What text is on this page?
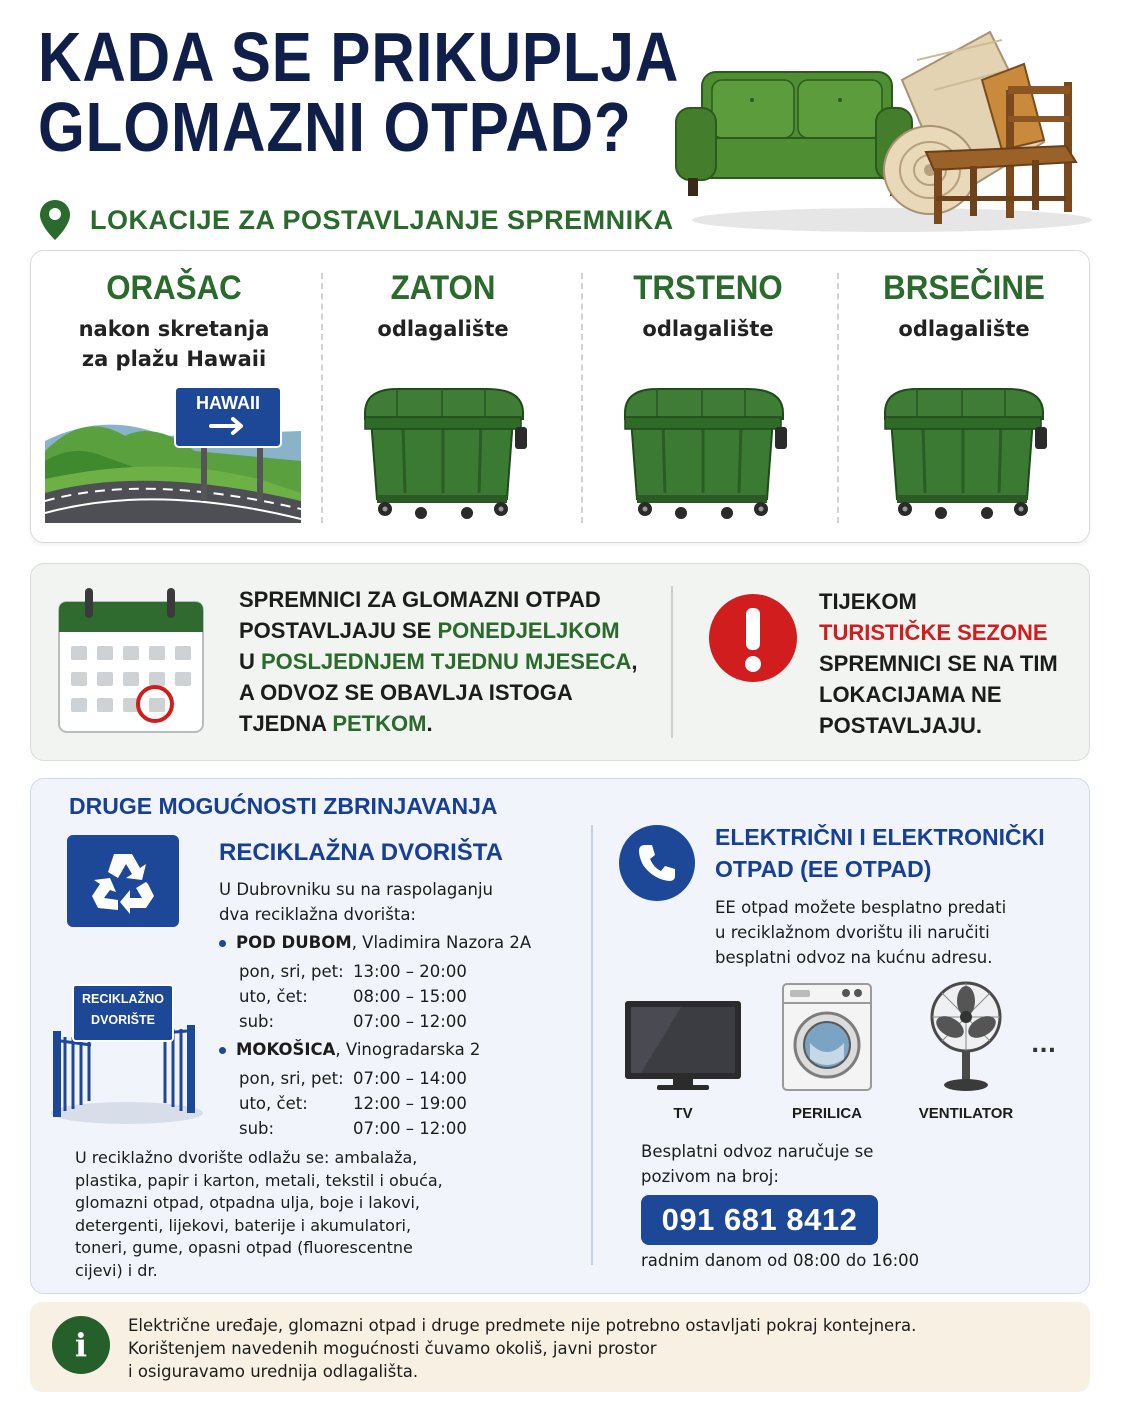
KADA SE PRIKUPLJA
GLOMAZNI OTPAD?
LOKACIJE ZA POSTAVLJANJE SPREMNIKA
ORAŠAC
nakon skretanja
za plažu Hawaii
ZATON
odlagalište
TRSTENO
odlagalište
BRSEČINE
odlagalište
HAWAII
SPREMNICI ZA GLOMAZNI OTPAD
POSTAVLJAJU SE PONEDJELJKOM
U POSLJEDNJEM TJEDNU MJESECA,
A ODVOZ SE OBAVLJA ISTOGA
TJEDNA PETKOM.
TIJEKOM
TURISTIČKE SEZONE
SPREMNICI SE NA TIM
LOKACIJAMA NE
POSTAVLJAJU.
DRUGE MOGUĆNOSTI ZBRINJAVANJA
RECIKLAŽNA DVORIŠTA
U Dubrovniku su na raspolaganju
dva reciklažna dvorišta:
POD DUBOM, Vladimira Nazora 2A
pon, sri, pet:	13:00 – 20:00
uto, čet:	08:00 – 15:00
sub:	07:00 – 12:00
MOKOŠICA, Vinogradarska 2
pon, sri, pet:	07:00 – 14:00
uto, čet:	12:00 – 19:00
sub:	07:00 – 12:00
RECIKLAŽNO
DVORIŠTE
U reciklažno dvorište odlažu se: ambalaža,
plastika, papir i karton, metali, tekstil i obuća,
glomazni otpad, otpadna ulja, boje i lakovi,
detergenti, lijekovi, baterije i akumulatori,
toneri, gume, opasni otpad (fluorescentne
cijevi) i dr.
ELEKTRIČNI I ELEKTRONIČKI
OTPAD (EE OTPAD)
EE otpad možete besplatno predati
u reciklažnom dvorištu ili naručiti
besplatni odvoz na kućnu adresu.
TV	PERILICA	VENTILATOR
...
Besplatni odvoz naručuje se
pozivom na broj:
091 681 8412
radnim danom od 08:00 do 16:00
i
Električne uređaje, glomazni otpad i druge predmete nije potrebno ostavljati pokraj kontejnera.
Korištenjem navedenih mogućnosti čuvamo okoliš, javni prostor
i osiguravamo urednija odlagališta.
